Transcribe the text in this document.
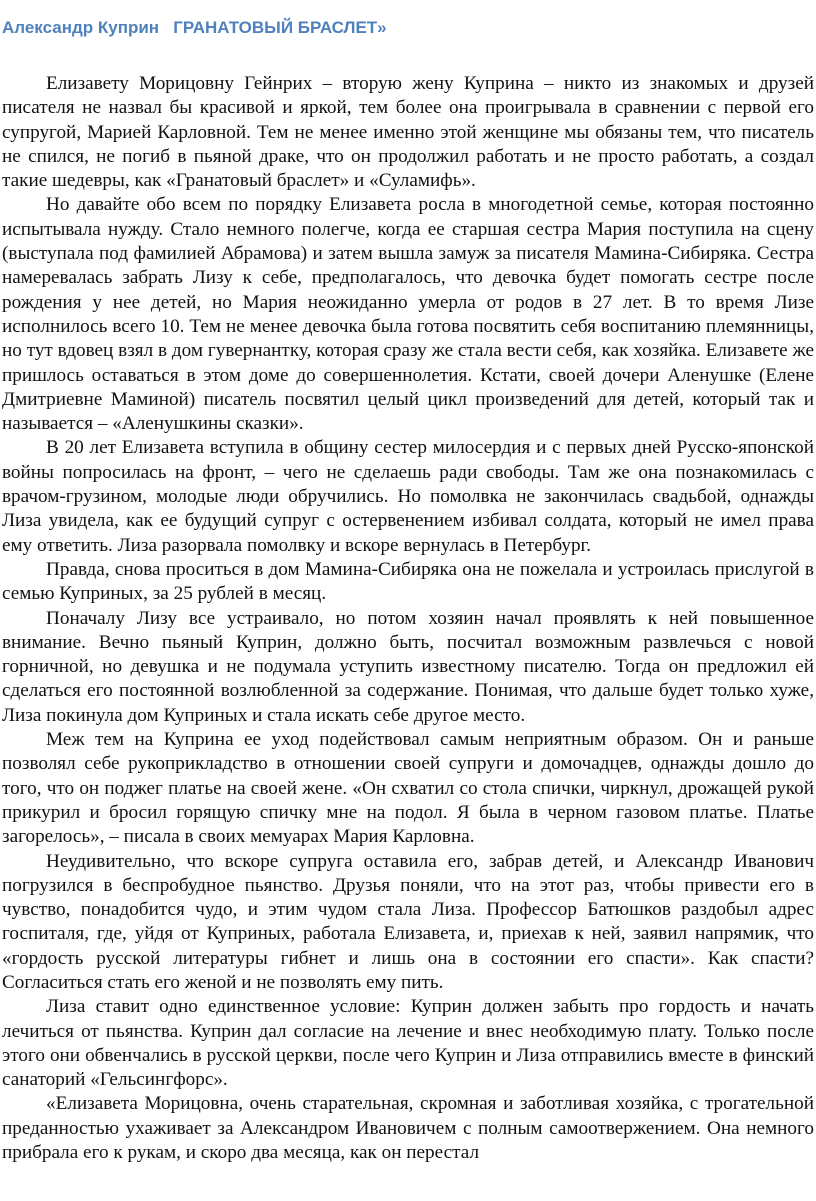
Александр Куприн ГРАНАТОВЫЙ БРАСЛЕТ»

Елизавету Морицовну Гейнрих – вторую жену Куприна – никто из знакомых и друзей писателя не назвал бы красивой и яркой, тем более она проигрывала в сравнении с первой его супругой, Марией Карловной. Тем не менее именно этой женщине мы обязаны тем, что писатель не спился, не погиб в пьяной драке, что он продолжил работать и не просто работать, а создал такие шедевры, как «Гранатовый браслет» и «Суламифь».

Но давайте обо всем по порядку Елизавета росла в многодетной семье, которая постоянно испытывала нужду. Стало немного полегче, когда ее старшая сестра Мария поступила на сцену (выступала под фамилией Абрамова) и затем вышла замуж за писателя Мамина-Сибиряка. Сестра намеревалась забрать Лизу к себе, предполагалось, что девочка будет помогать сестре после рождения у нее детей, но Мария неожиданно умерла от родов в 27 лет. В то время Лизе исполнилось всего 10. Тем не менее девочка была готова посвятить себя воспитанию племянницы, но тут вдовец взял в дом гувернантку, которая сразу же стала вести себя, как хозяйка. Елизавете же пришлось оставаться в этом доме до совершеннолетия. Кстати, своей дочери Аленушке (Елене Дмитриевне Маминой) писатель посвятил целый цикл произведений для детей, который так и называется – «Аленушкины сказки».

В 20 лет Елизавета вступила в общину сестер милосердия и с первых дней Русско-японской войны попросилась на фронт, – чего не сделаешь ради свободы. Там же она познакомилась с врачом-грузином, молодые люди обручились. Но помолвка не закончилась свадьбой, однажды Лиза увидела, как ее будущий супруг с остервенением избивал солдата, который не имел права ему ответить. Лиза разорвала помолвку и вскоре вернулась в Петербург.

Правда, снова проситься в дом Мамина-Сибиряка она не пожелала и устроилась прислугой в семью Куприных, за 25 рублей в месяц.

Поначалу Лизу все устраивало, но потом хозяин начал проявлять к ней повышенное внимание. Вечно пьяный Куприн, должно быть, посчитал возможным развлечься с новой горничной, но девушка и не подумала уступить известному писателю. Тогда он предложил ей сделаться его постоянной возлюбленной за содержание. Понимая, что дальше будет только хуже, Лиза покинула дом Куприных и стала искать себе другое место.

Меж тем на Куприна ее уход подействовал самым неприятным образом. Он и раньше позволял себе рукоприкладство в отношении своей супруги и домочадцев, однажды дошло до того, что он поджег платье на своей жене. «Он схватил со стола спички, чиркнул, дрожащей рукой прикурил и бросил горящую спичку мне на подол. Я была в черном газовом платье. Платье загорелось», – писала в своих мемуарах Мария Карловна.

Неудивительно, что вскоре супруга оставила его, забрав детей, и Александр Иванович погрузился в беспробудное пьянство. Друзья поняли, что на этот раз, чтобы привести его в чувство, понадобится чудо, и этим чудом стала Лиза. Профессор Батюшков раздобыл адрес госпиталя, где, уйдя от Куприных, работала Елизавета, и, приехав к ней, заявил напрямик, что «гордость русской литературы гибнет и лишь она в состоянии его спасти». Как спасти? Согласиться стать его женой и не позволять ему пить.

Лиза ставит одно единственное условие: Куприн должен забыть про гордость и начать лечиться от пьянства. Куприн дал согласие на лечение и внес необходимую плату. Только после этого они обвенчались в русской церкви, после чего Куприн и Лиза отправились вместе в финский санаторий «Гельсингфорс».

«Елизавета Морицовна, очень старательная, скромная и заботливая хозяйка, с трогательной преданностью ухаживает за Александром Ивановичем с полным самоотвержением. Она немного прибрала его к рукам, и скоро два месяца, как он перестал
